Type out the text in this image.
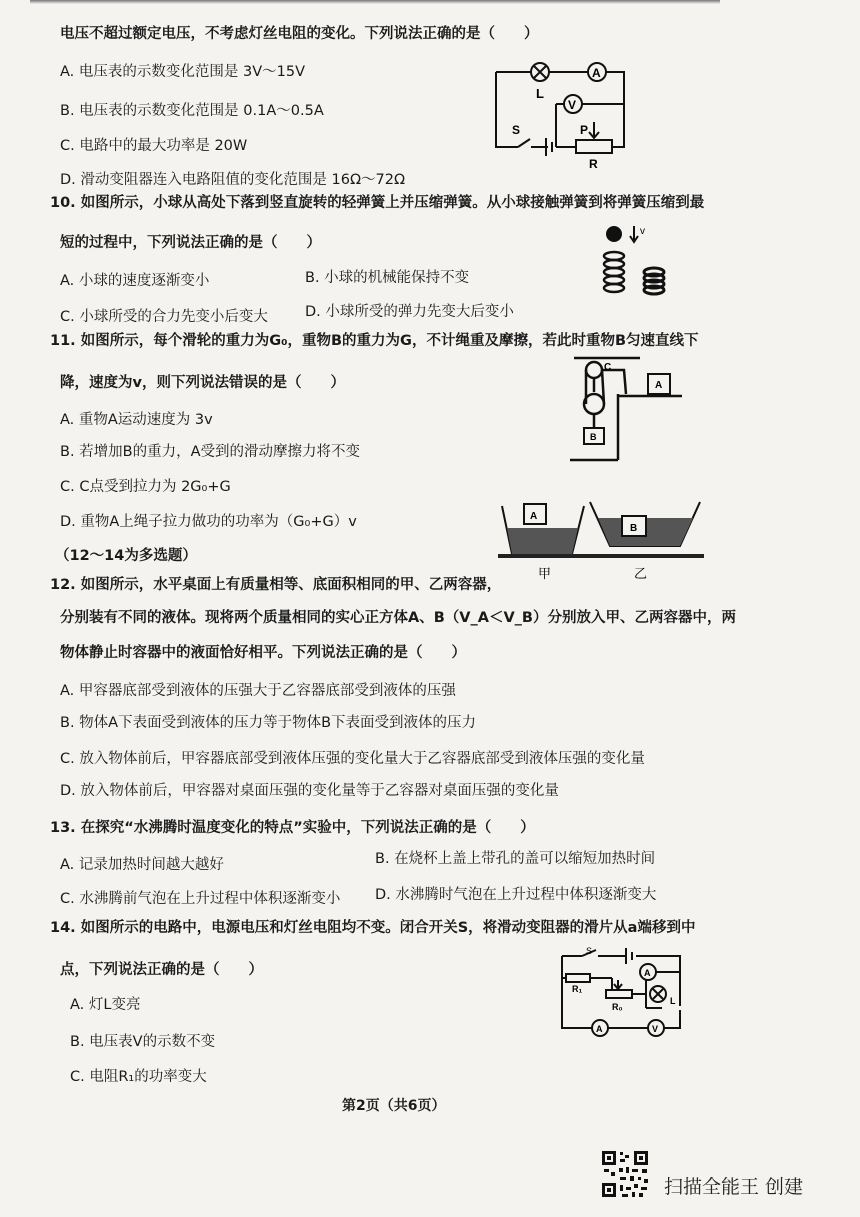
电压不超过额定电压，不考虑灯丝电阻的变化。下列说法正确的是（　　）
A. 电压表的示数变化范围是 3V～15V
B. 电压表的示数变化范围是 0.1A～0.5A
C. 电路中的最大功率是 20W
D. 滑动变阻器连入电路阻值的变化范围是 16Ω～72Ω
L
A
V
S	P
R
10. 如图所示，小球从高处下落到竖直旋转的轻弹簧上并压缩弹簧。从小球接触弹簧到将弹簧压缩到最
短的过程中，下列说法正确的是（　　）
A. 小球的速度逐渐变小	B. 小球的机械能保持不变
C. 小球所受的合力先变小后变大	D. 小球所受的弹力先变大后变小
v
11. 如图所示，每个滑轮的重力为G₀，重物B的重力为G，不计绳重及摩擦，若此时重物B匀速直线下
降，速度为v，则下列说法错误的是（　　）
A. 重物A运动速度为 3v
B. 若增加B的重力，A受到的滑动摩擦力将不变
C. C点受到拉力为 2G₀+G
D. 重物A上绳子拉力做功的功率为（G₀+G）v
C
A
B
（12～14为多选题）
A
B
甲	乙
12. 如图所示，水平桌面上有质量相等、底面积相同的甲、乙两容器，
分别装有不同的液体。现将两个质量相同的实心正方体A、B（V_A＜V_B）分别放入甲、乙两容器中，两
物体静止时容器中的液面恰好相平。下列说法正确的是（　　）
A. 甲容器底部受到液体的压强大于乙容器底部受到液体的压强
B. 物体A下表面受到液体的压力等于物体B下表面受到液体的压力
C. 放入物体前后，甲容器底部受到液体压强的变化量大于乙容器底部受到液体压强的变化量
D. 放入物体前后，甲容器对桌面压强的变化量等于乙容器对桌面压强的变化量
13. 在探究“水沸腾时温度变化的特点”实验中，下列说法正确的是（　　）
A. 记录加热时间越大越好	B. 在烧杯上盖上带孔的盖可以缩短加热时间
C. 水沸腾前气泡在上升过程中体积逐渐变小 D. 水沸腾时气泡在上升过程中体积逐渐变大
14. 如图所示的电路中，电源电压和灯丝电阻均不变。闭合开关S，将滑动变阻器的滑片从a端移到中
点，下列说法正确的是（　　）
A. 灯L变亮
B. 电压表V的示数不变
C. 电阻R₁的功率变大
S
R₁
R₀
A
A	V
L
第2页（共6页）
扫描全能王 创建
